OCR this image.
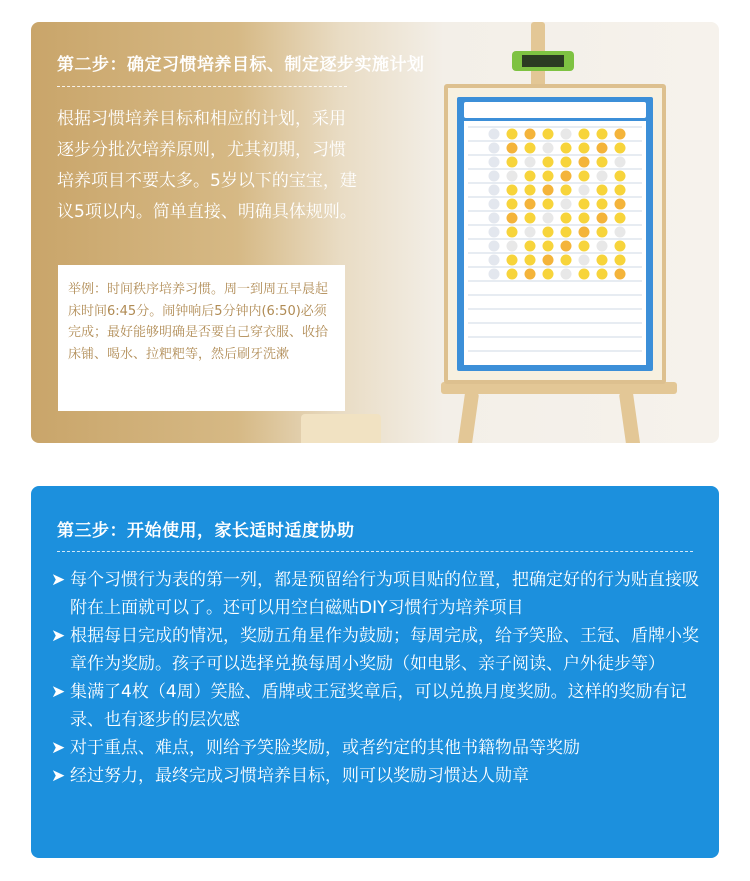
第二步：确定习惯培养目标、制定逐步实施计划
根据习惯培养目标和相应的计划，采用逐步分批次培养原则，尤其初期，习惯培养项目不要太多。5岁以下的宝宝，建议5项以内。简单直接、明确具体规则。
举例：时间秩序培养习惯。周一到周五早晨起床时间6:45分。闹钟响后5分钟内(6:50)必须完成；最好能够明确是否要自己穿衣服、收拾床铺、喝水、拉粑粑等，然后刷牙洗漱
第三步：开始使用，家长适时适度协助
➤ 每个习惯行为表的第一列，都是预留给行为项目贴的位置，把确定好的行为贴直接吸附在上面就可以了。还可以用空白磁贴DIY习惯行为培养项目
➤ 根据每日完成的情况，奖励五角星作为鼓励；每周完成，给予笑脸、王冠、盾牌小奖章作为奖励。孩子可以选择兑换每周小奖励（如电影、亲子阅读、户外徒步等）
➤ 集满了4枚（4周）笑脸、盾牌或王冠奖章后，可以兑换月度奖励。这样的奖励有记录、也有逐步的层次感
➤ 对于重点、难点，则给予笑脸奖励，或者约定的其他书籍物品等奖励
➤ 经过努力，最终完成习惯培养目标，则可以奖励习惯达人勋章
